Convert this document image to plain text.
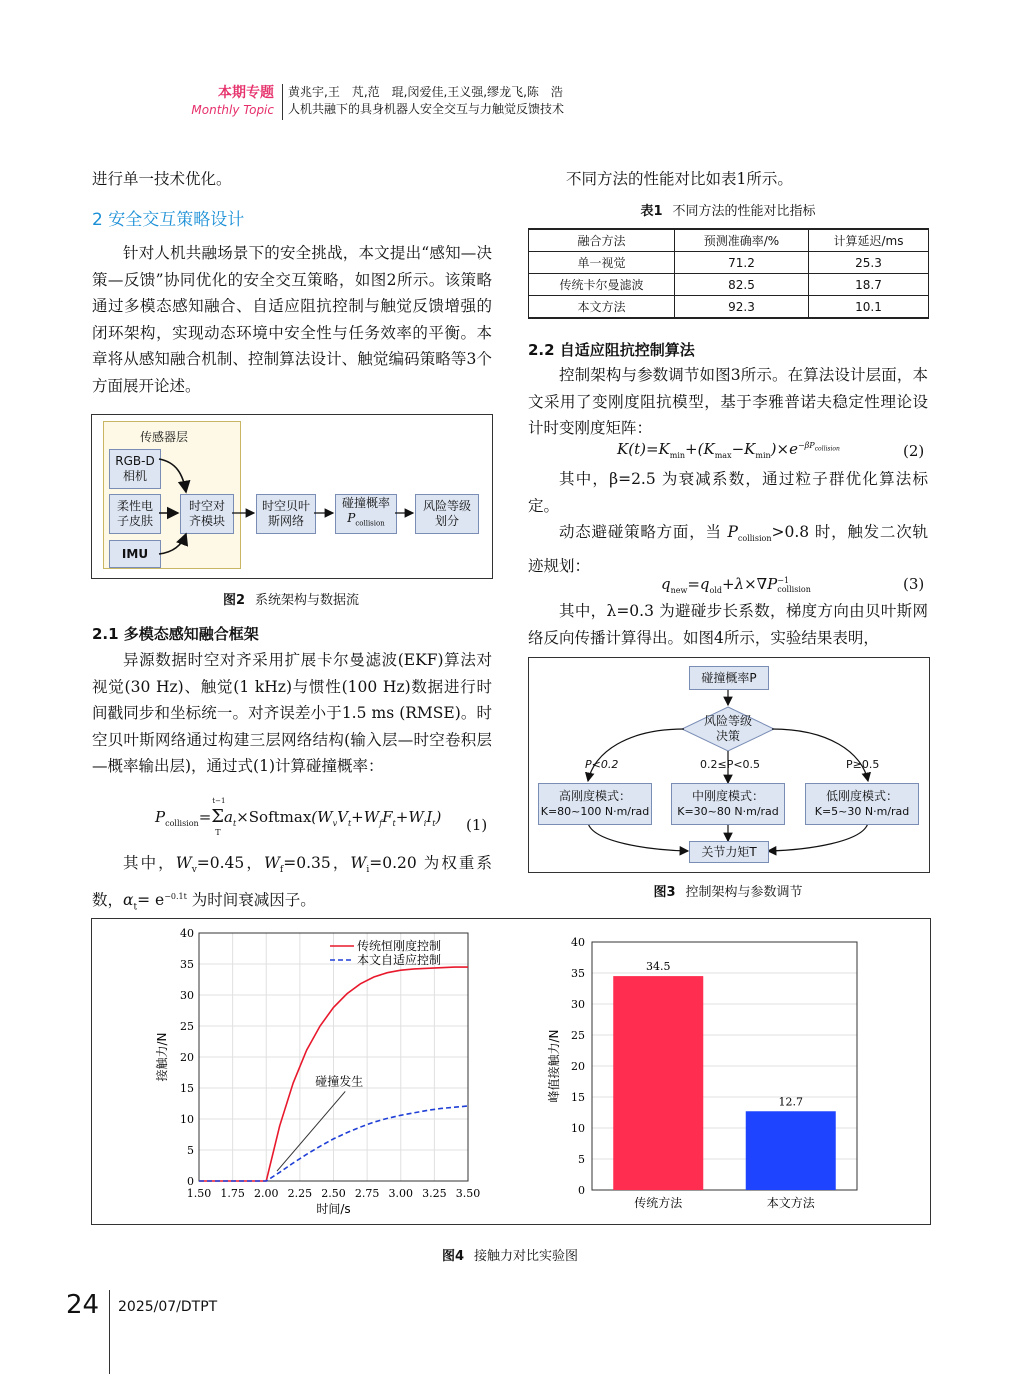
本期专题
Monthly Topic
黄兆宇,王　芃,范　琨,闵爱佳,王义强,缪龙飞,陈　浩
人机共融下的具身机器人安全交互与力触觉反馈技术
进行单一技术优化。
2 安全交互策略设计
针对人机共融场景下的安全挑战，本文提出“感知—决策—反馈”协同优化的安全交互策略，如图2所示。该策略通过多模态感知融合、自适应阻抗控制与触觉反馈增强的闭环架构，实现动态环境中安全性与任务效率的平衡。本章将从感知融合机制、控制算法设计、触觉编码策略等3个方面展开论述。
传感器层
RGB-D相机
柔性电子皮肤
IMU
时空对齐模块
时空贝叶斯网络
碰撞概率
$P_{collision}$
风险等级划分
图2 系统架构与数据流
2.1 多模态感知融合框架
异源数据时空对齐采用扩展卡尔曼滤波(EKF)算法对视觉(30 Hz)、触觉(1 kHz)与惯性(100 Hz)数据进行时间戳同步和坐标统一。对齐误差小于1.5 ms (RMSE)。时空贝叶斯网络通过构建三层网络结构(输入层—时空卷积层—概率输出层)，通过式(1)计算碰撞概率：
$P_{collision}=\Sigma$
t−1
T
$a_t\times Softmax(W_vV_t+W_fF_t+W_iI_t)$	(1)
其中，$W_v=0.45$，$W_f=0.35$，$W_i=0.20$ 为权重系数，$\alpha_t= e^{-0.1t}$ 为时间衰减因子。
不同方法的性能对比如表1所示。
表1 不同方法的性能对比指标
融合方法	预测准确率/%	计算延迟/ms
单一视觉	71.2	25.3
传统卡尔曼滤波	82.5	18.7
本文方法	92.3	10.1
2.2 自适应阻抗控制算法
控制架构与参数调节如图3所示。在算法设计层面，本文采用了变刚度阻抗模型，基于李雅普诺夫稳定性理论设计时变刚度矩阵：
$K(t)=K_{min}+(K_{max}-K_{min})\times e^{-\beta P_{collision}}$	(2)
其中，β=2.5 为衰减系数，通过粒子群优化算法标定。
动态避碰策略方面，当 $P_{collision}>0.8$ 时，触发二次轨迹规划：
$q_{new}=q_{old}+\lambda\times\nabla P -1$
collision	(3)
其中，λ=0.3 为避碰步长系数，梯度方向由贝叶斯网络反向传播计算得出。如图4所示，实验结果表明，
碰撞概率P
风险等级决策
P<0.2	0.2≤P<0.5	P≥0.5
高刚度模式：
K=80~100 N·m/rad
中刚度模式：
K=30~80 N·m/rad
低刚度模式：
K=5~30 N·m/rad
关节力矩T
图3 控制架构与参数调节
0
5
10
15
20
25
30
35
40
1.50 1.75 2.00 2.25 2.50 2.75 3.00 3.25 3.50
时间/s
接触力/N
传统恒刚度控制
本文自适应控制
碰撞发生
0
5
10
15
20
25
30
35
40
峰值接触力/N
34.5
传统方法
12.7
本文方法
图4 接触力对比实验图
24 2025/07/DTPT
